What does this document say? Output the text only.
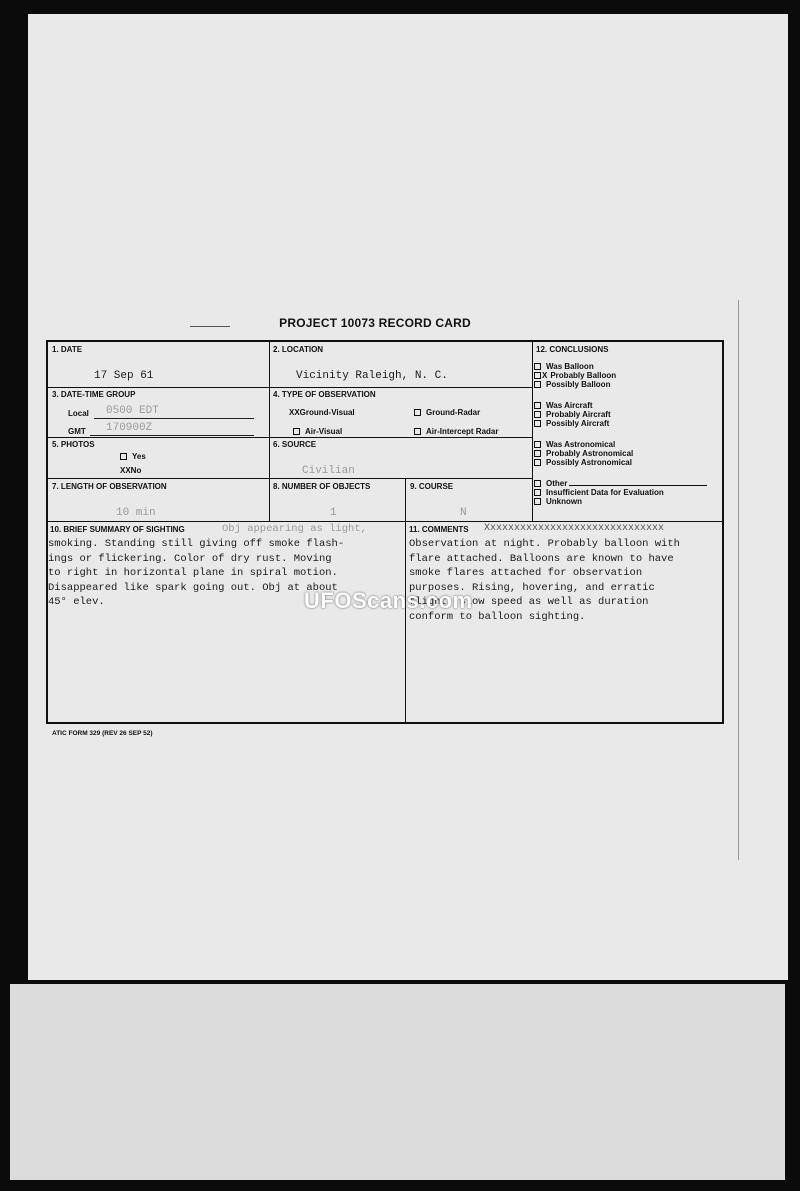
PROJECT 10073 RECORD CARD
1. DATE
17 Sep 61
2. LOCATION
Vicinity Raleigh, N. C.
12. CONCLUSIONS
3. DATE-TIME GROUP
Local 0500 EDT
GMT 170900Z
4. TYPE OF OBSERVATION
XXGround-Visual	Ground-Radar
Air-Visual	Air-Intercept Radar
5. PHOTOS
Yes
XXNo
6. SOURCE
Civilian
7. LENGTH OF OBSERVATION
10 min
8. NUMBER OF OBJECTS
1
9. COURSE
N
10. BRIEF SUMMARY OF SIGHTING	Obj appearing as light,
smoking. Standing still giving off smoke flash-
ings or flickering. Color of dry rust. Moving
to right in horizontal plane in spiral motion.
Disappeared like spark going out. Obj at about
45° elev.
11. COMMENTS Xxxxxxxxxxxxxxxxxxxxxxxxxxxxxx
Observation at night. Probably balloon with
flare attached. Balloons are known to have
smoke flares attached for observation
purposes. Rising, hovering, and erratic
flight, slow speed as well as duration
conform to balloon sighting.
Was Balloon
X Probably Balloon
Possibly Balloon
Was Aircraft
Probably Aircraft
Possibly Aircraft
Was Astronomical
Probably Astronomical
Possibly Astronomical
Other
Insufficient Data for Evaluation
Unknown
ATIC FORM 329 (REV 26 SEP 52)
UFOScans.com
